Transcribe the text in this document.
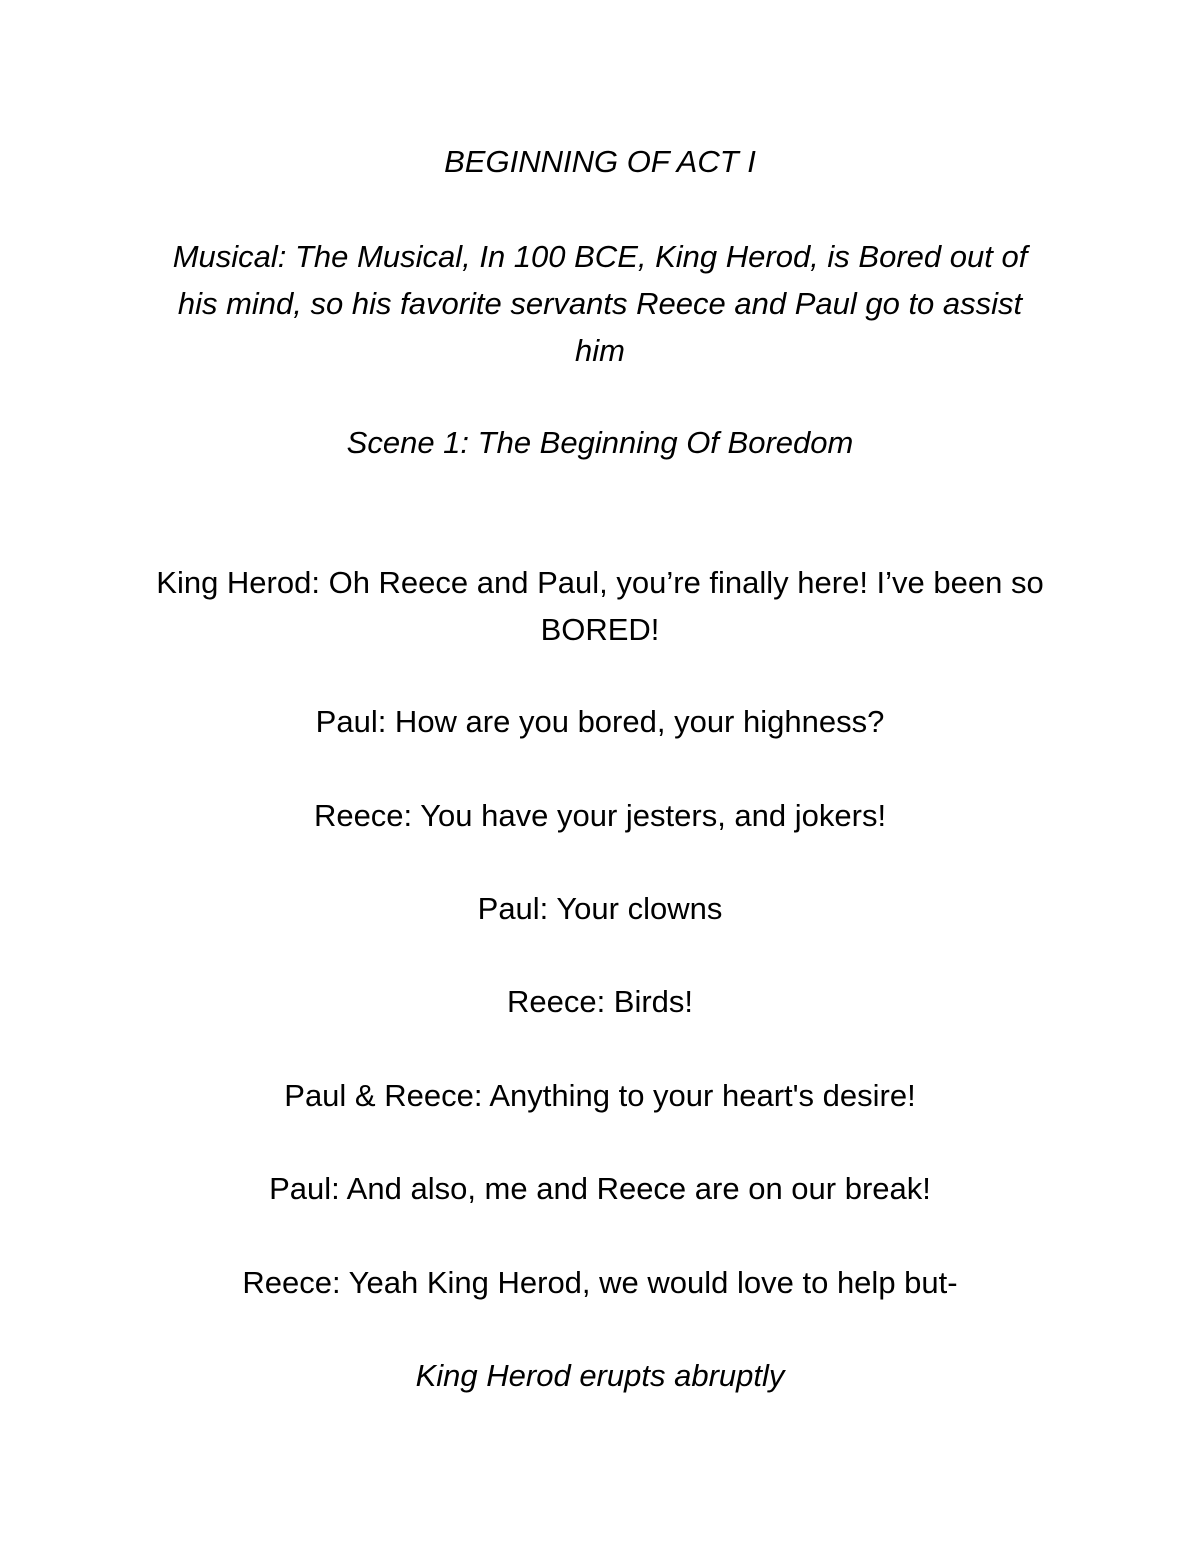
BEGINNING OF ACT I

Musical: The Musical, In 100 BCE, King Herod, is Bored out of his mind, so his favorite servants Reece and Paul go to assist him

Scene 1: The Beginning Of Boredom

King Herod: Oh Reece and Paul, you’re finally here! I’ve been so BORED!

Paul: How are you bored, your highness?

Reece: You have your jesters, and jokers!

Paul: Your clowns

Reece: Birds!

Paul & Reece: Anything to your heart's desire!

Paul: And also, me and Reece are on our break!

Reece: Yeah King Herod, we would love to help but-

King Herod erupts abruptly
